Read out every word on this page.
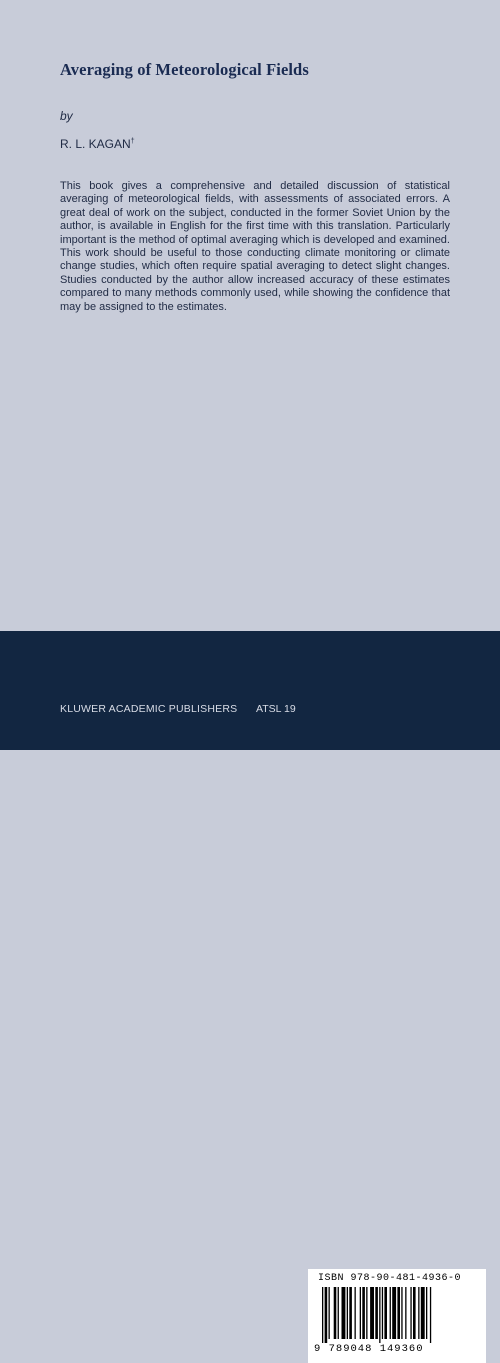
Averaging of Meteorological Fields
by
R. L. KAGAN†

This book gives a comprehensive and detailed discussion of statistical averaging of meteorological fields, with assessments of associated errors. A great deal of work on the subject, conducted in the former Soviet Union by the author, is available in English for the first time with this translation. Particularly important is the method of optimal averaging which is developed and examined. This work should be useful to those conducting climate monitoring or climate change studies, which often require spatial averaging to detect slight changes. Studies conducted by the author allow increased accuracy of these estimates compared to many methods commonly used, while showing the confidence that may be assigned to the estimates.

ISBN 978-90-481-4936-0
9 789048 149360
KLUWER ACADEMIC PUBLISHERS ATSL 19
